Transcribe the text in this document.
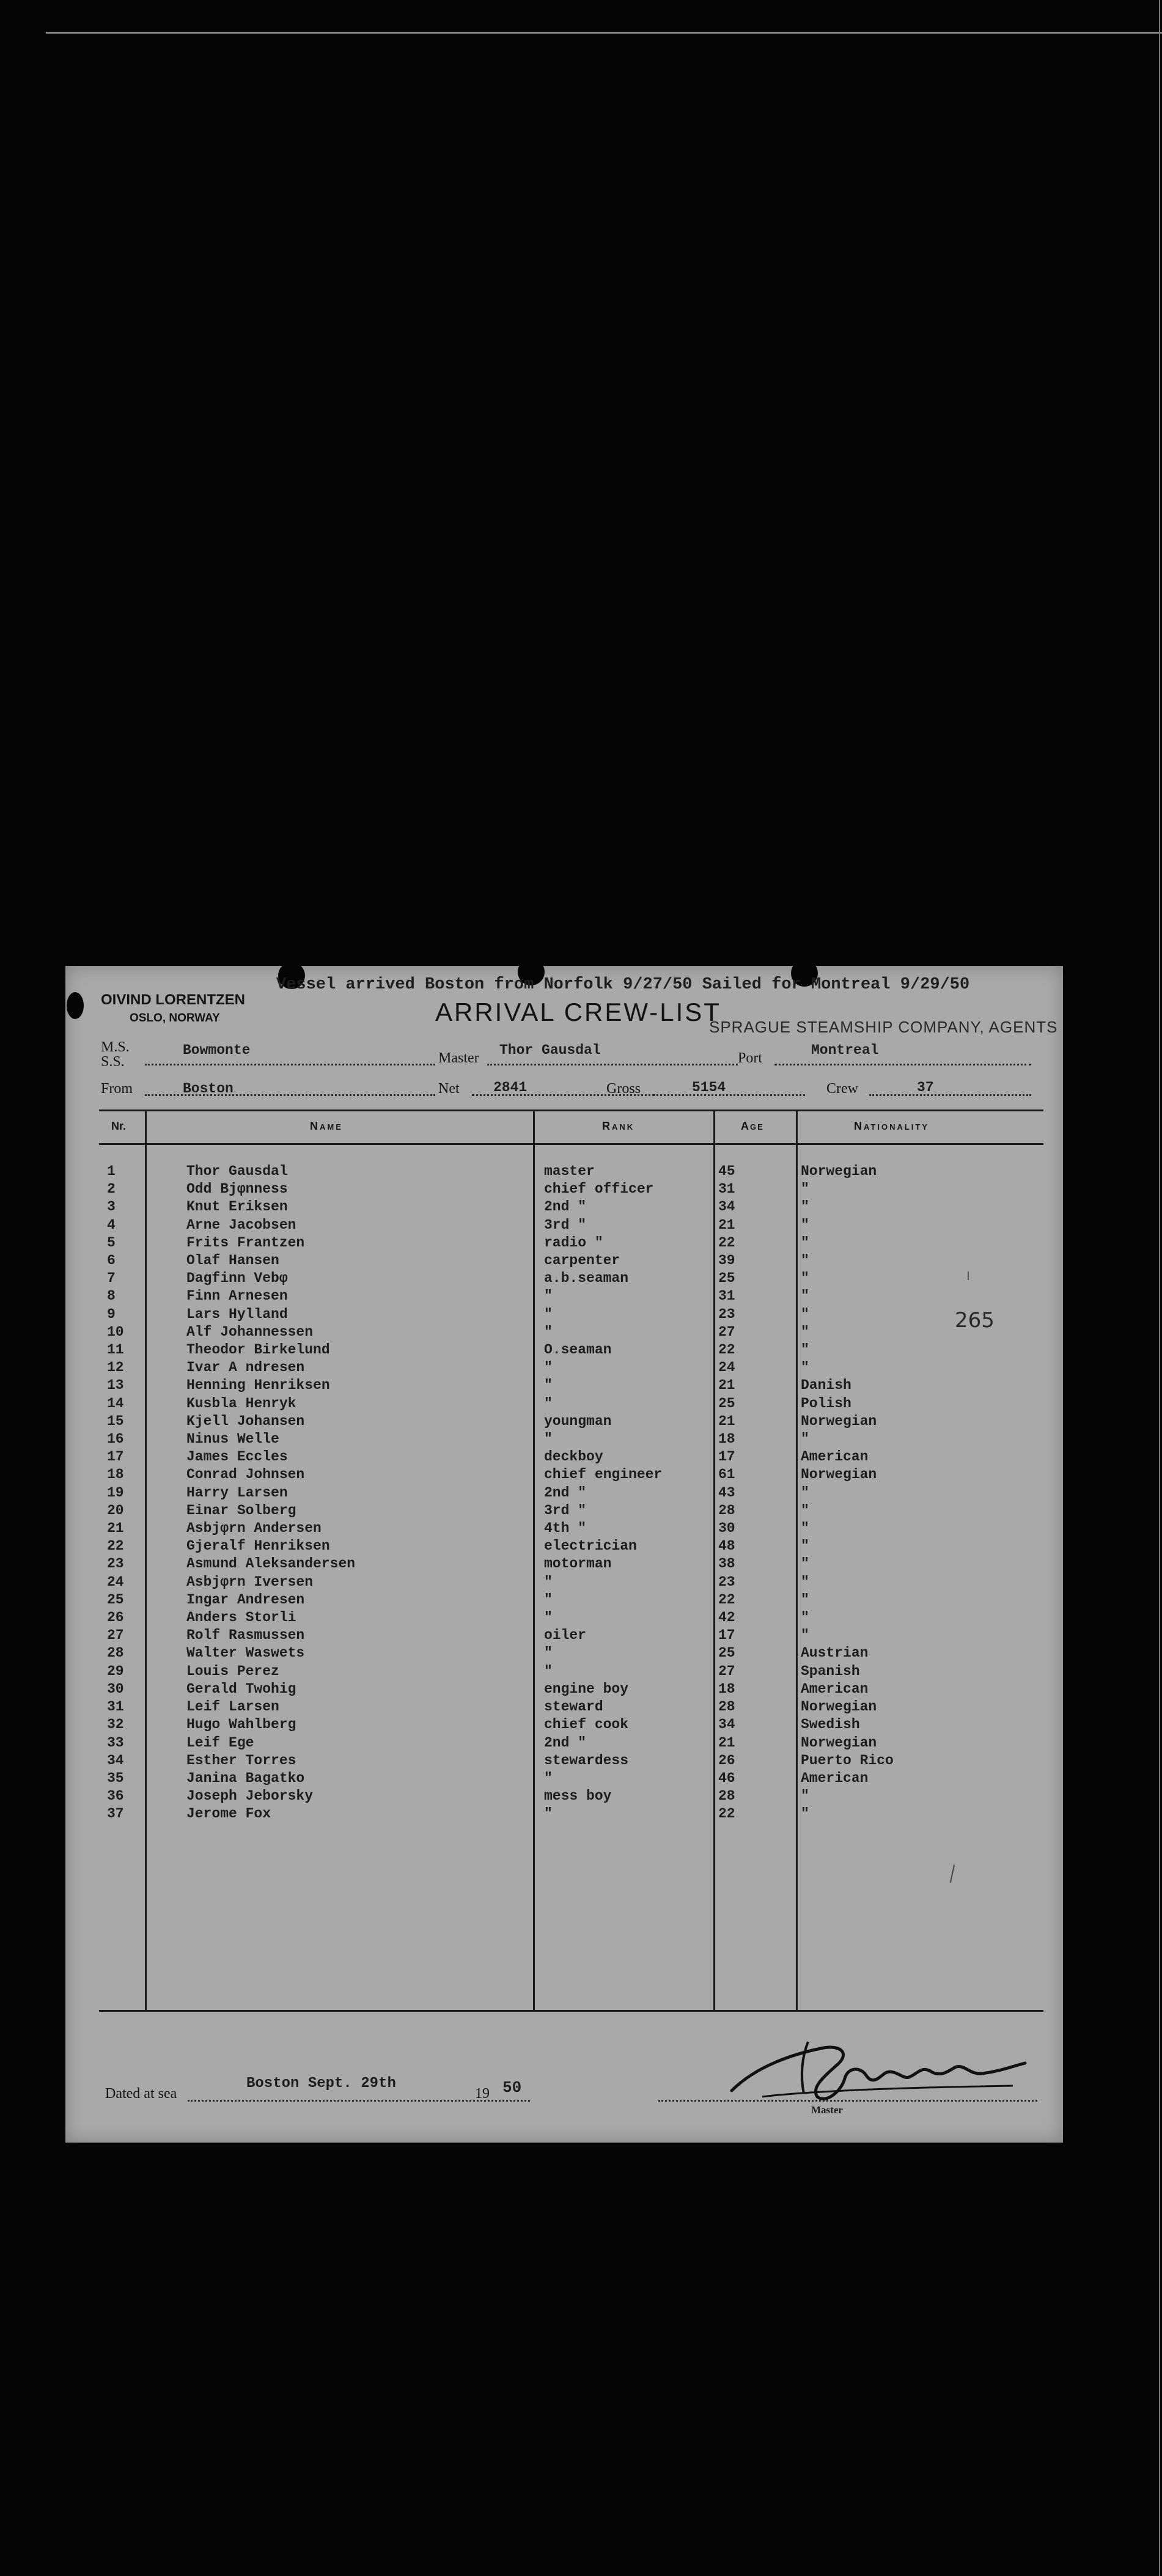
Vessel arrived Boston from Norfolk 9/27/50 Sailed for Montreal 9/29/50
OIVIND LORENTZEN
OSLO, NORWAY	ARRIVAL CREW-LIST
SPRAGUE STEAMSHIP COMPANY, AGENTS
M.S.
S.S.
Bowmonte	Master Thor Gausdal	Port	Montreal
From	Boston	Net 2841	Gross	5154	Crew	37
Nr.	Name	Rank	Age	Nationality
1	Thor Gausdal	master	45	Norwegian
2	Odd Bjφnness	chief officer	31	"
3	Knut Eriksen	2nd "	34	"
4	Arne Jacobsen	3rd "	21	"
5	Frits Frantzen	radio "	22	"
6	Olaf Hansen	carpenter	39	"
7	Dagfinn Vebφ	a.b.seaman	25	"
8	Finn Arnesen	"	31	"
9	Lars Hylland	"	23	"
10	Alf Johannessen	"	27	"
11	Theodor Birkelund	O.seaman	22	"
12	Ivar A ndresen	"	24	"
13	Henning Henriksen	"	21	Danish
14	Kusbla Henryk	"	25	Polish
15	Kjell Johansen	youngman	21	Norwegian
16	Ninus Welle	"	18	"
17	James Eccles	deckboy	17	American
18	Conrad Johnsen	chief engineer	61	Norwegian
19	Harry Larsen	2nd "	43	"
20	Einar Solberg	3rd "	28	"
21	Asbjφrn Andersen	4th "	30	"
22	Gjeralf Henriksen	electrician	48	"
23	Asmund Aleksandersen	motorman	38	"
24	Asbjφrn Iversen	"	23	"
25	Ingar Andresen	"	22	"
26	Anders Storli	"	42	"
27	Rolf Rasmussen	oiler	17	"
28	Walter Waswets	"	25	Austrian
29	Louis Perez	"	27	Spanish
30	Gerald Twohig	engine boy	18	American
31	Leif Larsen	steward	28	Norwegian
32	Hugo Wahlberg	chief cook	34	Swedish
33	Leif Ege	2nd "	21	Norwegian
34	Esther Torres	stewardess	26	Puerto Rico
35	Janina Bagatko	"	46	American
36	Joseph Jeborsky	mess boy	28	"
37	Jerome Fox	"	22	"
265
Dated at sea
Boston Sept. 29th
19 50
Master
